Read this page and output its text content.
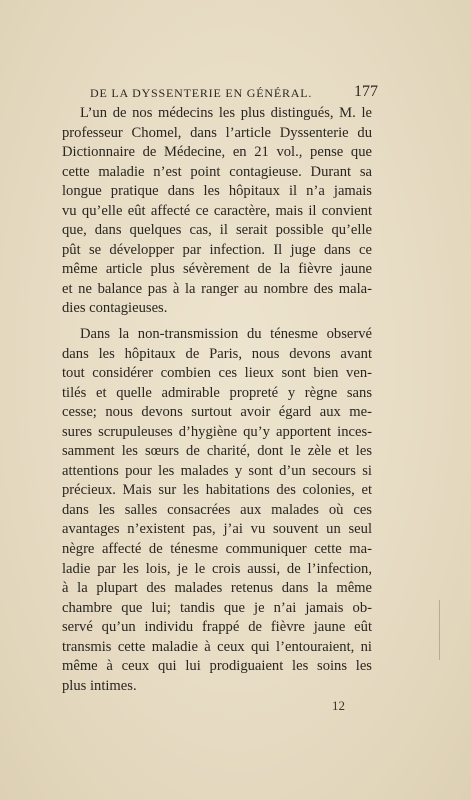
DE LA DYSSENTERIE EN GÉNÉRAL.	177

L’un de nos médecins les plus distingués, M. le
professeur Chomel, dans l’article Dyssenterie du
Dictionnaire de Médecine, en 21 vol., pense que
cette maladie n’est point contagieuse. Durant sa
longue pratique dans les hôpitaux il n’a jamais
vu qu’elle eût affecté ce caractère, mais il convient
que, dans quelques cas, il serait possible qu’elle
pût se développer par infection. Il juge dans ce
même article plus sévèrement de la fièvre jaune
et ne balance pas à la ranger au nombre des mala-
dies contagieuses.

Dans la non-transmission du ténesme observé
dans les hôpitaux de Paris, nous devons avant
tout considérer combien ces lieux sont bien ven-
tilés et quelle admirable propreté y règne sans
cesse; nous devons surtout avoir égard aux me-
sures scrupuleuses d’hygiène qu’y apportent inces-
samment les sœurs de charité, dont le zèle et les
attentions pour les malades y sont d’un secours si
précieux. Mais sur les habitations des colonies, et
dans les salles consacrées aux malades où ces
avantages n’existent pas, j’ai vu souvent un seul
nègre affecté de ténesme communiquer cette ma-
ladie par les lois, je le crois aussi, de l’infection,
à la plupart des malades retenus dans la même
chambre que lui; tandis que je n’ai jamais ob-
servé qu’un individu frappé de fièvre jaune eût
transmis cette maladie à ceux qui l’entouraient, ni
même à ceux qui lui prodiguaient les soins les
plus intimes.

12
